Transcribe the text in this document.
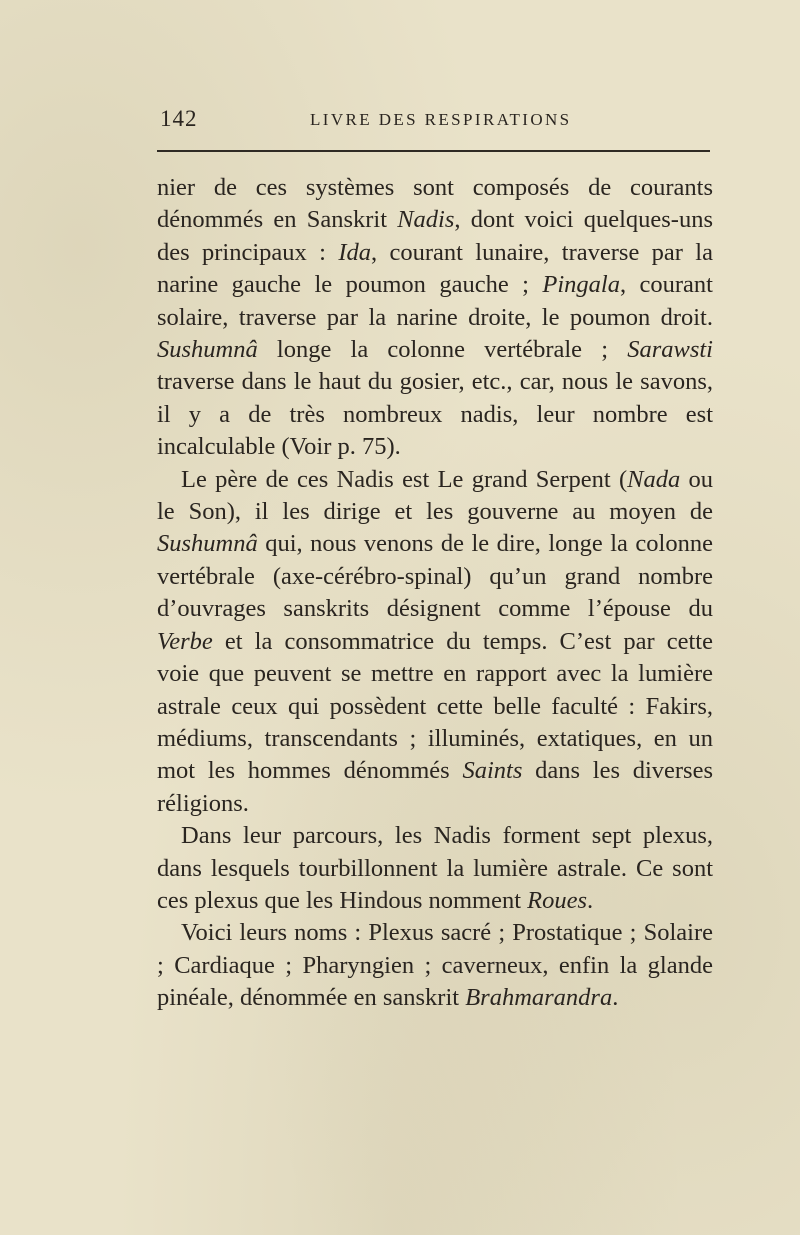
142	LIVRE DES RESPIRATIONS

nier de ces systèmes sont composés de courants dénommés en Sanskrit Nadis, dont voici quelques-uns des principaux : Ida, courant lunaire, traverse par la narine gauche le poumon gauche ; Pingala, courant solaire, traverse par la narine droite, le poumon droit. Sushumnâ longe la colonne vertébrale ; Sarawsti traverse dans le haut du gosier, etc., car, nous le savons, il y a de très nombreux nadis, leur nombre est incalculable (Voir p. 75).

Le père de ces Nadis est Le grand Serpent (Nada ou le Son), il les dirige et les gouverne au moyen de Sushumnâ qui, nous venons de le dire, longe la colonne vertébrale (axe-cérébro-spinal) qu’un grand nombre d’ouvrages sanskrits désignent comme l’épouse du Verbe et la consommatrice du temps. C’est par cette voie que peuvent se mettre en rapport avec la lumière astrale ceux qui possèdent cette belle faculté : Fakirs, médiums, transcendants ; illuminés, extatiques, en un mot les hommes dénommés Saints dans les diverses réligions.

Dans leur parcours, les Nadis forment sept plexus, dans lesquels tourbillonnent la lumière astrale. Ce sont ces plexus que les Hindous nomment Roues.

Voici leurs noms : Plexus sacré ; Prostatique ; Solaire ; Cardiaque ; Pharyngien ; caverneux, enfin la glande pinéale, dénommée en sanskrit Brahmarandra.
